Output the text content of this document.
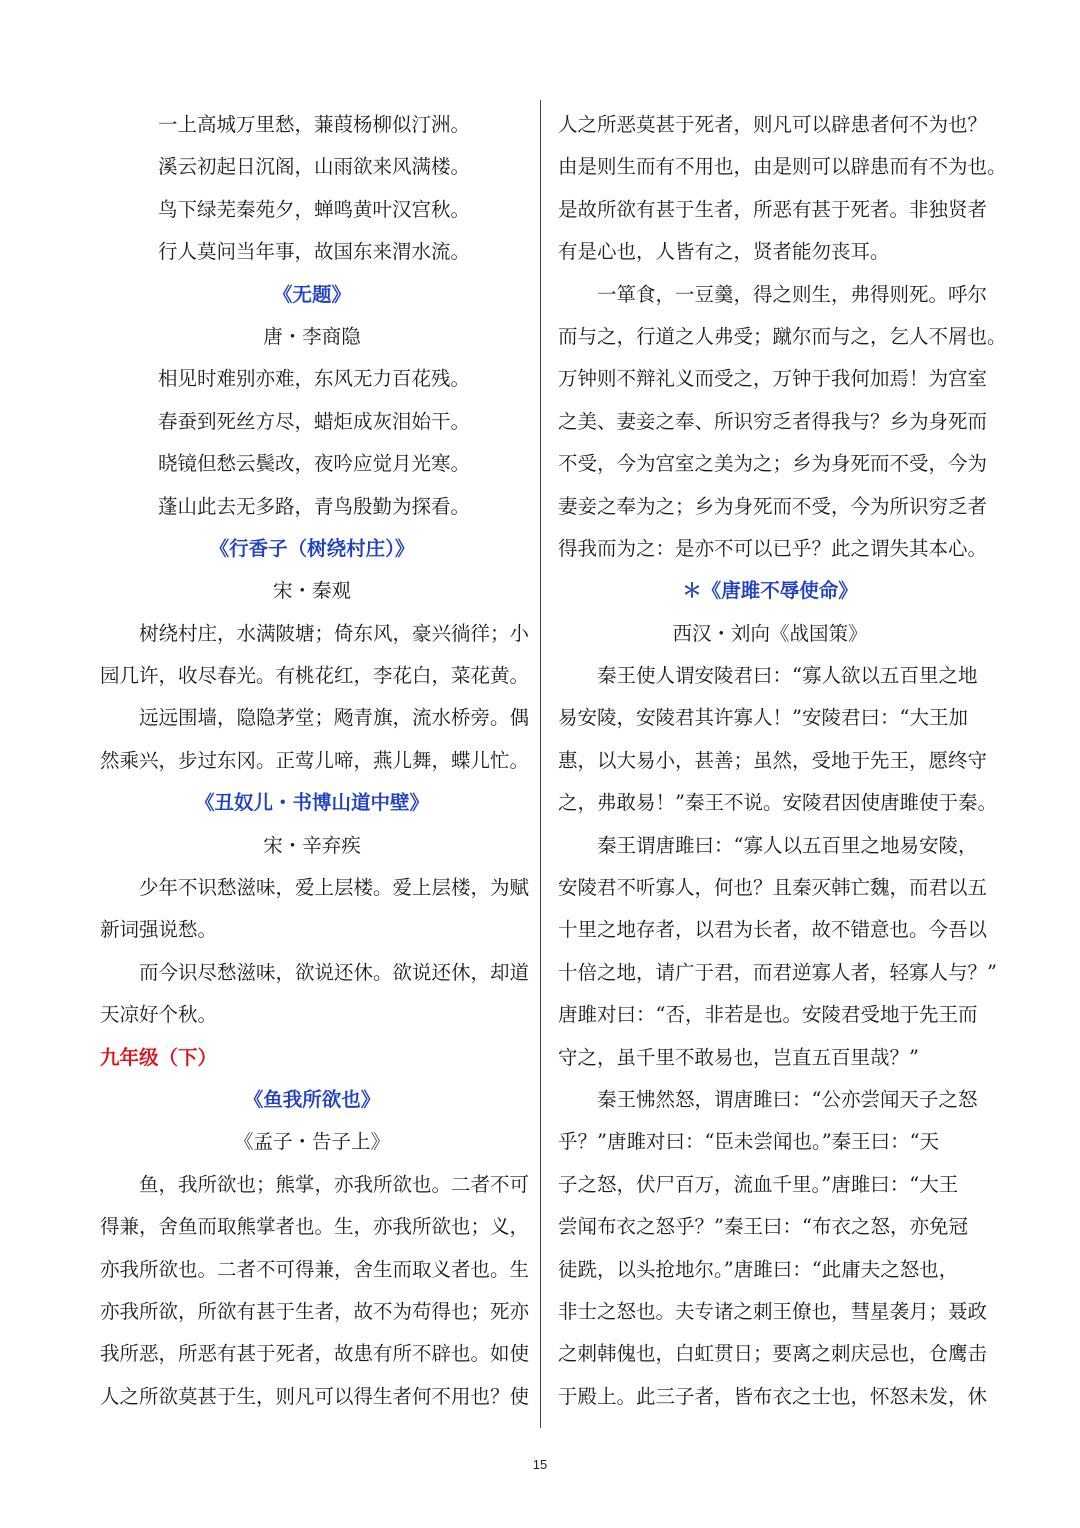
一上高城万里愁，蒹葭杨柳似汀洲。
溪云初起日沉阁，山雨欲来风满楼。
鸟下绿芜秦苑夕，蝉鸣黄叶汉宫秋。
行人莫问当年事，故国东来渭水流。
《无题》
唐・李商隐
相见时难别亦难，东风无力百花残。
春蚕到死丝方尽，蜡炬成灰泪始干。
晓镜但愁云鬓改，夜吟应觉月光寒。
蓬山此去无多路，青鸟殷勤为探看。
《行香子（树绕村庄）》
宋・秦观
树绕村庄，水满陂塘；倚东风，豪兴徜徉；小
园几许，收尽春光。有桃花红，李花白，菜花黄。
远远围墙，隐隐茅堂；飏青旗，流水桥旁。偶
然乘兴，步过东冈。正莺儿啼，燕儿舞，蝶儿忙。
《丑奴儿・书博山道中壁》
宋・辛弃疾
少年不识愁滋味，爱上层楼。爱上层楼，为赋
新词强说愁。
而今识尽愁滋味，欲说还休。欲说还休，却道
天凉好个秋。
九年级（下）
《鱼我所欲也》
《孟子・告子上》
鱼，我所欲也；熊掌，亦我所欲也。二者不可
得兼，舍鱼而取熊掌者也。生，亦我所欲也；义，
亦我所欲也。二者不可得兼，舍生而取义者也。生
亦我所欲，所欲有甚于生者，故不为苟得也；死亦
我所恶，所恶有甚于死者，故患有所不辟也。如使
人之所欲莫甚于生，则凡可以得生者何不用也？使
人之所恶莫甚于死者，则凡可以辟患者何不为也？
由是则生而有不用也，由是则可以辟患而有不为也。
是故所欲有甚于生者，所恶有甚于死者。非独贤者
有是心也，人皆有之，贤者能勿丧耳。
一箪食，一豆羹，得之则生，弗得则死。呼尔
而与之，行道之人弗受；蹴尔而与之，乞人不屑也。
万钟则不辩礼义而受之，万钟于我何加焉！为宫室
之美、妻妾之奉、所识穷乏者得我与？乡为身死而
不受，今为宫室之美为之；乡为身死而不受，今为
妻妾之奉为之；乡为身死而不受，今为所识穷乏者
得我而为之：是亦不可以已乎？此之谓失其本心。
＊《唐雎不辱使命》
西汉・刘向《战国策》
秦王使人谓安陵君曰：“寡人欲以五百里之地
易安陵，安陵君其许寡人！”安陵君曰：“大王加
惠，以大易小，甚善；虽然，受地于先王，愿终守
之，弗敢易！”秦王不说。安陵君因使唐雎使于秦。
秦王谓唐雎曰：“寡人以五百里之地易安陵，
安陵君不听寡人，何也？且秦灭韩亡魏，而君以五
十里之地存者，以君为长者，故不错意也。今吾以
十倍之地，请广于君，而君逆寡人者，轻寡人与？”
唐雎对曰：“否，非若是也。安陵君受地于先王而
守之，虽千里不敢易也，岂直五百里哉？”
秦王怫然怒，谓唐雎曰：“公亦尝闻天子之怒
乎？”唐雎对曰：“臣未尝闻也。”秦王曰：“天
子之怒，伏尸百万，流血千里。”唐雎曰：“大王
尝闻布衣之怒乎？”秦王曰：“布衣之怒，亦免冠
徒跣，以头抢地尔。”唐雎曰：“此庸夫之怒也，
非士之怒也。夫专诸之刺王僚也，彗星袭月；聂政
之刺韩傀也，白虹贯日；要离之刺庆忌也，仓鹰击
于殿上。此三子者，皆布衣之士也，怀怒未发，休
15
